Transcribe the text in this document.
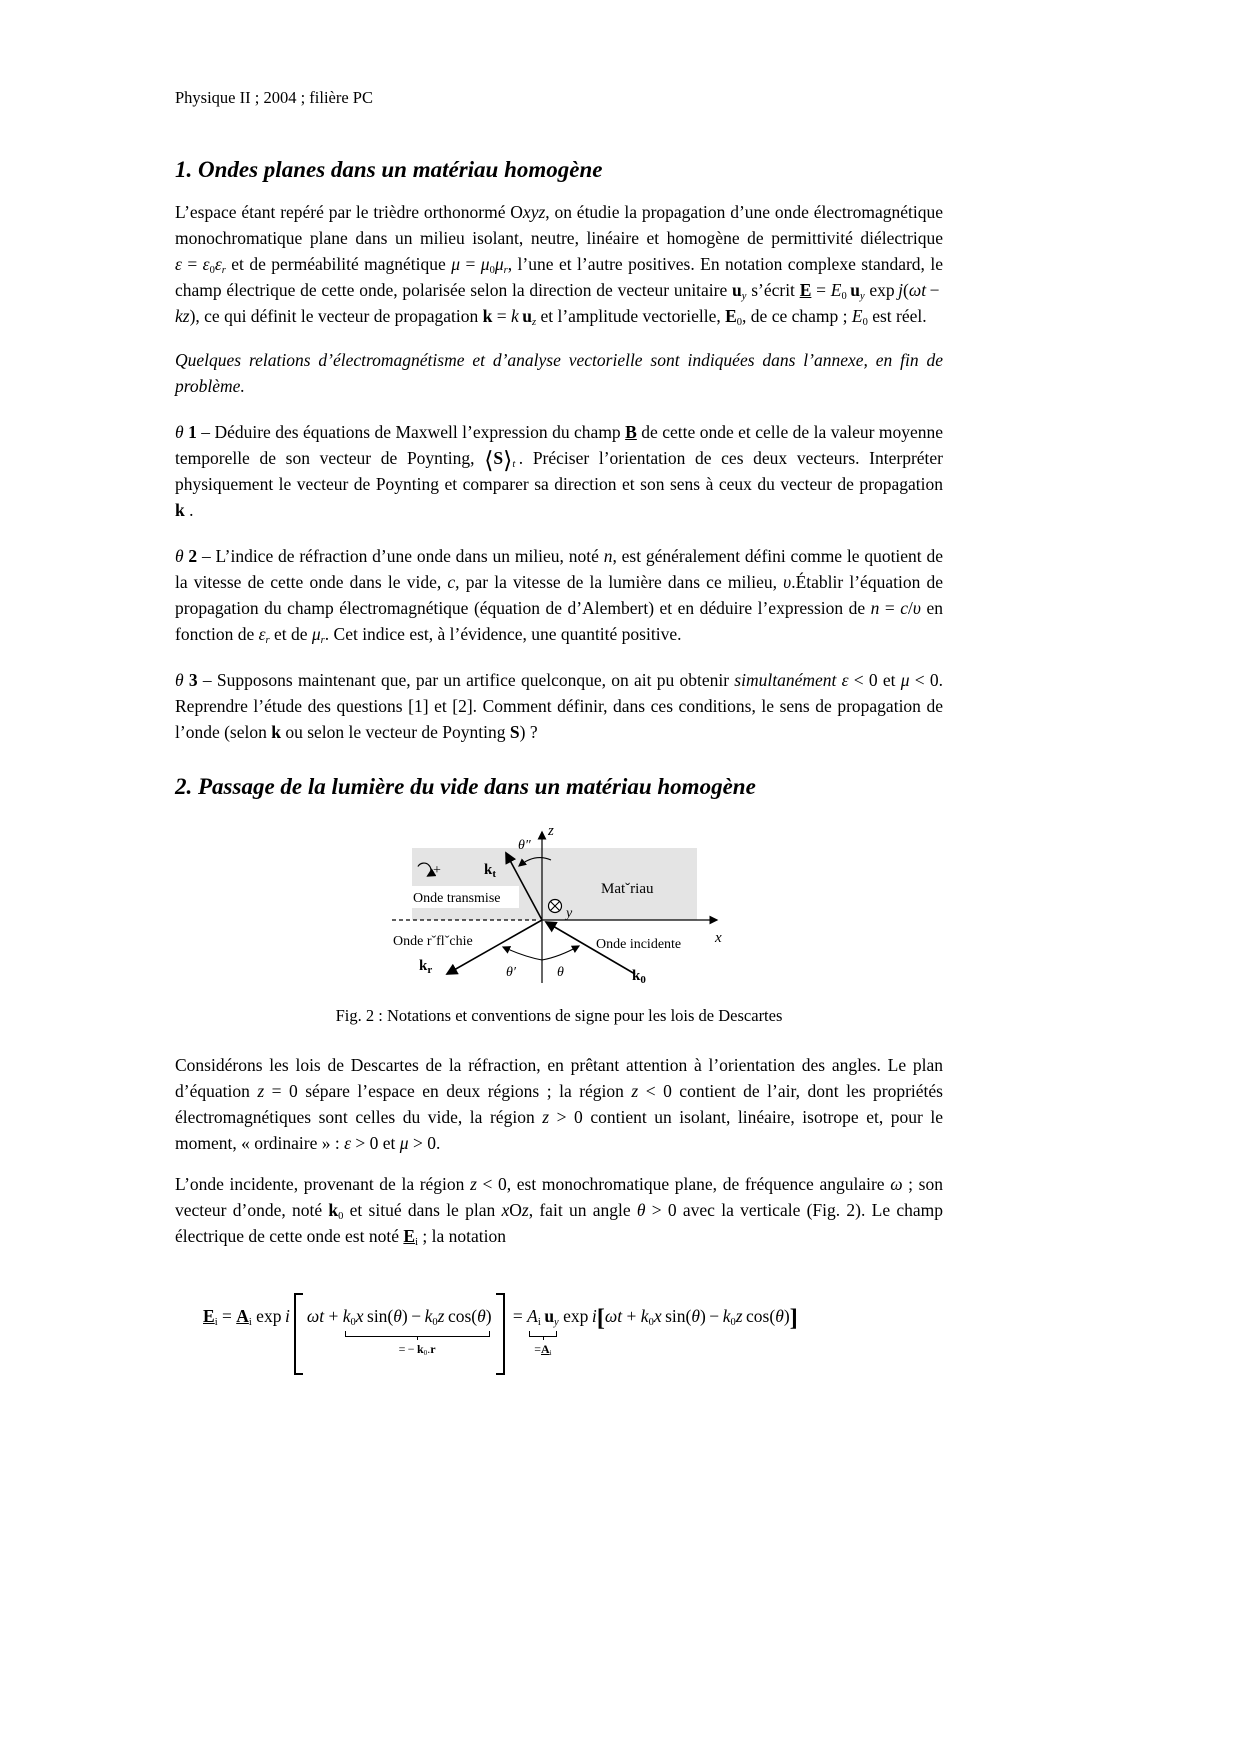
Physique II ; 2004 ; filière PC
1. Ondes planes dans un matériau homogène

L’espace étant repéré par le trièdre orthonormé Oxyz, on étudie la propagation d’une onde électromagnétique monochromatique plane dans un milieu isolant, neutre, linéaire et homogène de permittivité diélectrique $\varepsilon = \varepsilon_0\varepsilon_r$ et de perméabilité magnétique $\mu = \mu_0\mu_r$, l’une et l’autre positives. En notation complexe standard, le champ électrique de cette onde, polarisée selon la direction de vecteur unitaire $u_y$ s’écrit $E = E_0$  $u_y$ exp j(ωt − kz), ce qui définit le vecteur de propagation k = k  $u_z$ et l’amplitude vectorielle, $E_0$, de ce champ ; $E_0$ est réel.

Quelques relations d’électromagnétisme et d’analyse vectorielle sont indiquées dans l’annexe, en fin de problème.

θ 1 – Déduire des équations de Maxwell l’expression du champ B de cette onde et celle de la valeur moyenne temporelle de son vecteur de Poynting, $⟨S⟩_t$ . Préciser l’orientation de ces deux vecteurs. Interpréter physiquement le vecteur de Poynting et comparer sa direction et son sens à ceux du vecteur de propagation k .

θ 2 – L’indice de réfraction d’une onde dans un milieu, noté n, est généralement défini comme le quotient de la vitesse de cette onde dans le vide, c, par la vitesse de la lumière dans ce milieu, υ.Établir l’équation de propagation du champ électromagnétique (équation de d’Alembert) et en déduire l’expression de n = c/υ en fonction de $\varepsilon_r$ et de $\mu_r$. Cet indice est, à l’évidence, une quantité positive.

θ 3 – Supposons maintenant que, par un artifice quelconque, on ait pu obtenir simultanément ε < 0 et μ < 0. Reprendre l’étude des questions [1] et [2]. Comment définir, dans ces conditions, le sens de propagation de l’onde (selon k ou selon le vecteur de Poynting S) ?

2. Passage de la lumière du vide dans un matériau homogène
+
Onde transmise
Matˇriau
Onde rˇflˇchie	Onde incidente
z
x
y
θ″
θ′	θ
$k_t$
$k_r$	$k_0$
Fig. 2 : Notations et conventions de signe pour les lois de Descartes

Considérons les lois de Descartes de la réfraction, en prêtant attention à l’orientation des angles. Le plan d’équation z = 0 sépare l’espace en deux régions ; la région z < 0 contient de l’air, dont les propriétés électromagnétiques sont celles du vide, la région z > 0 contient un isolant, linéaire, isotrope et, pour le moment, « ordinaire » : ε > 0 et μ > 0.

L’onde incidente, provenant de la région z < 0, est monochromatique plane, de fréquence angulaire ω ; son vecteur d’onde, noté $k_0$ et situé dans le plan xOz, fait un angle θ > 0 avec la verticale (Fig. 2). Le champ électrique de cette onde est noté $E_i$ ; la notation

$E_i = A_i$ exp i $\omega t + k_0x$ $\sin(\theta) - k_0z$ cos(θ)
= − $k_0.r$
= $A_i$  $u_y$
$=A_i$
$\exp i[\omega t + k_0x$ $\sin(\theta) - k_0z$ cos(θ)]
